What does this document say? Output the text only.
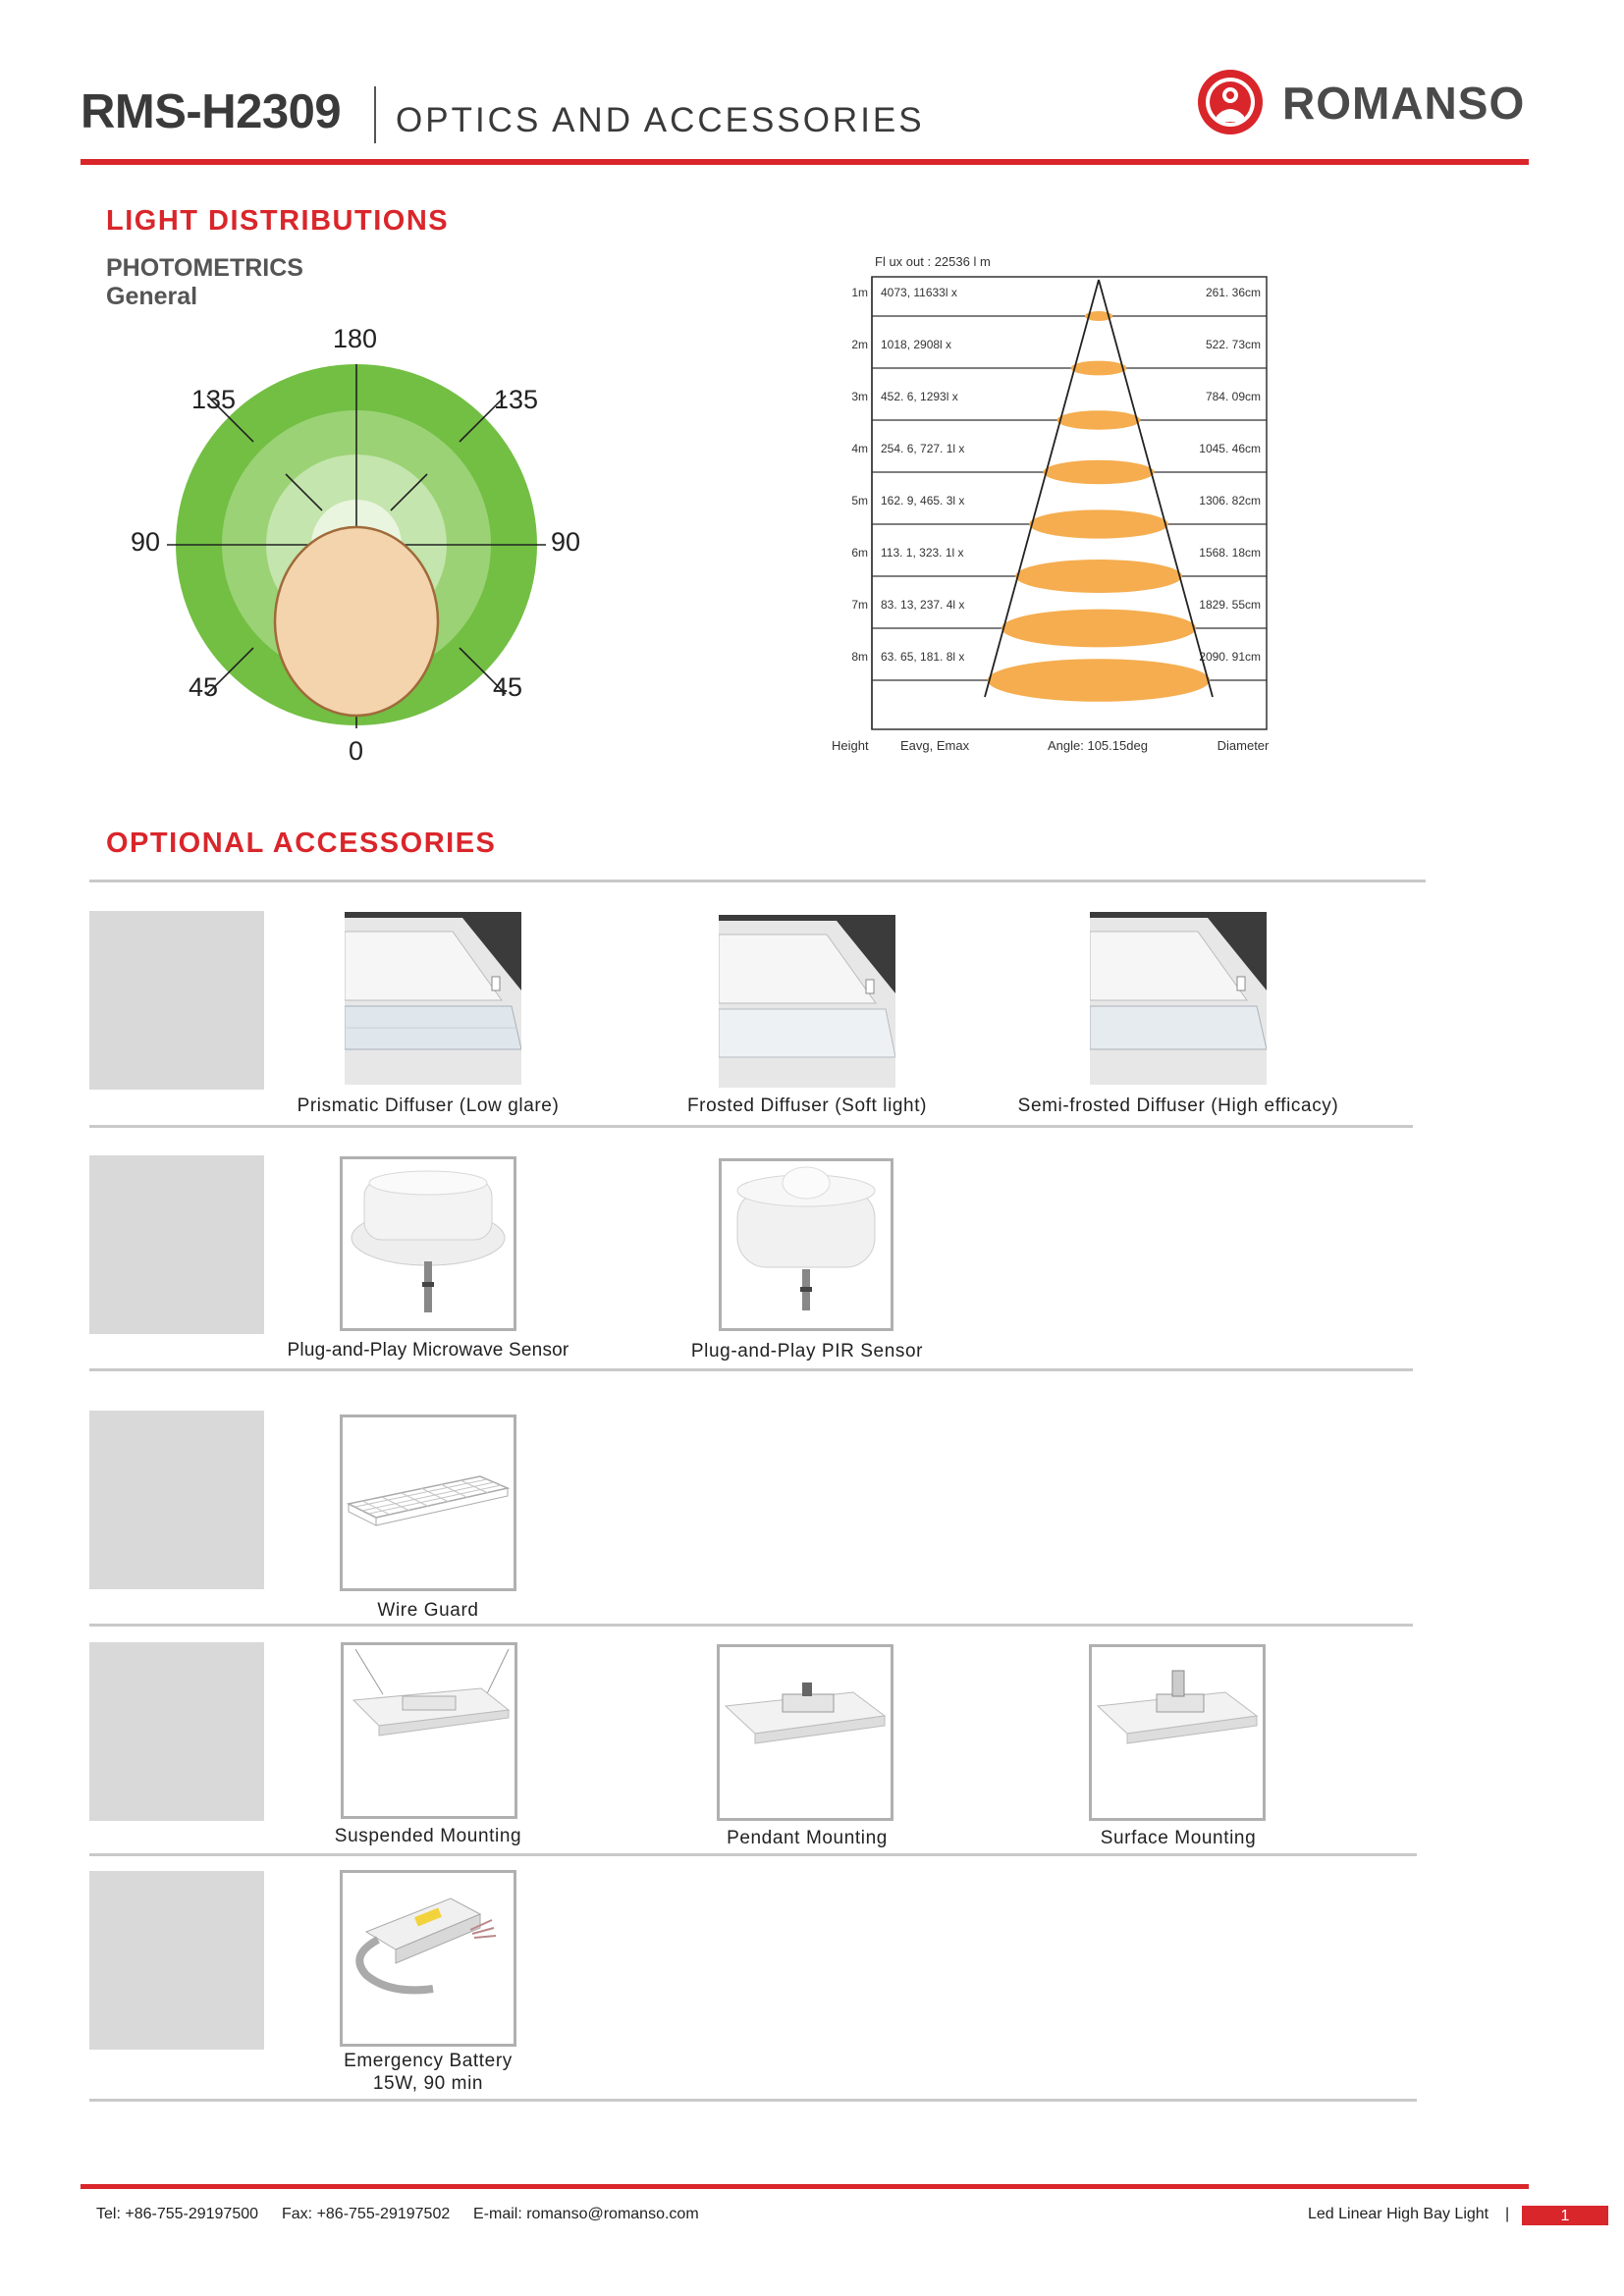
RMS-H2309 OPTICS AND ACCESSORIES	ROMANSO
LIGHT DISTRIBUTIONS
PHOTOMETRICS
General
180
135	135
90	90
45	45
0
Fl ux out : 22536 l m
1m 4073, 11633l x	261. 36cm
2m 1018, 2908l x	522. 73cm
3m 452. 6, 1293l x	784. 09cm
4m 254. 6, 727. 1l x	1045. 46cm
5m 162. 9, 465. 3l x	1306. 82cm
6m 113. 1, 323. 1l x	1568. 18cm
7m 83. 13, 237. 4l x	1829. 55cm
8m 63. 65, 181. 8l x	2090. 91cm
Height Eavg, Emax	Angle: 105.15deg	Diameter
OPTIONAL ACCESSORIES
Prismatic Diffuser (Low glare)	Frosted Diffuser (Soft light)	Semi-frosted Diffuser (High efficacy)
Plug-and-Play Microwave Sensor	Plug-and-Play PIR Sensor
Wire Guard
Suspended Mounting	Pendant Mounting	Surface Mounting
Emergency Battery
15W, 90 min
Tel: +86-755-29197500 Fax: +86-755-29197502 E-mail: romanso@romanso.com	Led Linear High Bay Light |	1
